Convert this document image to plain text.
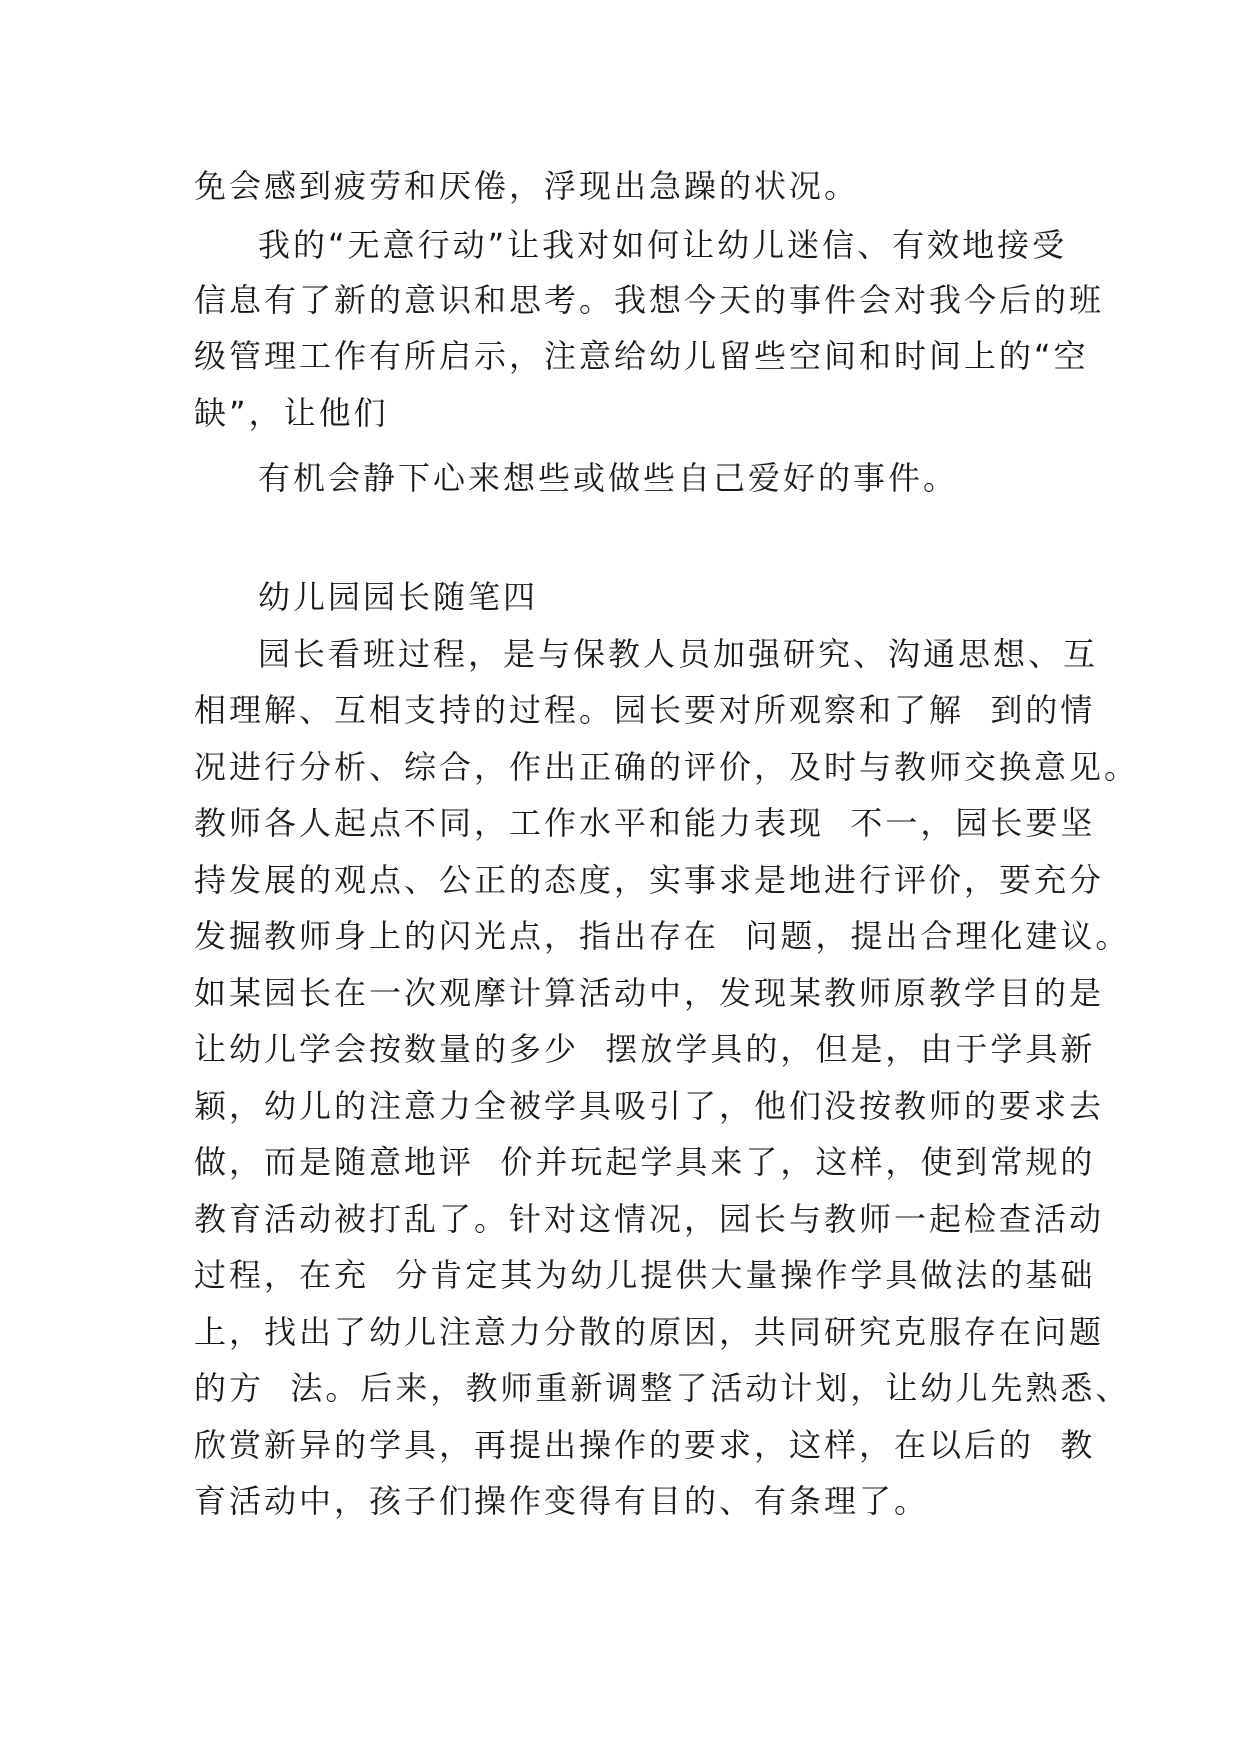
免会感到疲劳和厌倦，浮现出急躁的状况。
我的“无意行动”让我对如何让幼儿迷信、有效地接受
信息有了新的意识和思考。我想今天的事件会对我今后的班
级管理工作有所启示，注意给幼儿留些空间和时间上的“空
缺”，让他们
有机会静下心来想些或做些自己爱好的事件。
幼儿园园长随笔四
园长看班过程，是与保教人员加强研究、沟通思想、互
相理解、互相支持的过程。园长要对所观察和了解  到的情
况进行分析、综合，作出正确的评价，及时与教师交换意见。
教师各人起点不同，工作水平和能力表现  不一，园长要坚
持发展的观点、公正的态度，实事求是地进行评价，要充分
发掘教师身上的闪光点，指出存在  问题，提出合理化建议。
如某园长在一次观摩计算活动中，发现某教师原教学目的是
让幼儿学会按数量的多少  摆放学具的，但是，由于学具新
颖，幼儿的注意力全被学具吸引了，他们没按教师的要求去
做，而是随意地评  价并玩起学具来了，这样，使到常规的
教育活动被打乱了。针对这情况，园长与教师一起检查活动
过程，在充  分肯定其为幼儿提供大量操作学具做法的基础
上，找出了幼儿注意力分散的原因，共同研究克服存在问题
的方  法。后来，教师重新调整了活动计划，让幼儿先熟悉、
欣赏新异的学具，再提出操作的要求，这样，在以后的  教
育活动中，孩子们操作变得有目的、有条理了。
